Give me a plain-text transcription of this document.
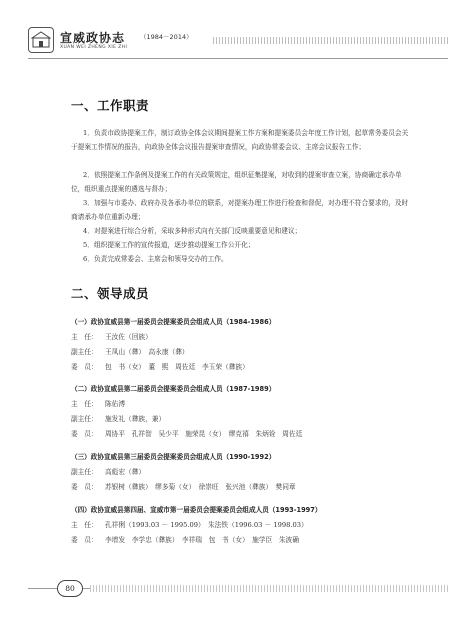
宣威政协志 （1984－2014）
XUAN WEI ZHENG XIE ZHI
一、工作职责
1．负责市政协提案工作，制订政协全体会议期间提案工作方案和提案委员会年度工作计划，起草常务委员会关于提案工作情况的报告，向政协全体会议报告提案审查情况，向政协常委会议、主席会议报告工作；
2．依照提案工作条例及提案工作的有关政策规定，组织征集提案，对收到的提案审查立案，协商确定承办单位，组织重点提案的遴选与督办；
3．加强与市委办、政府办及各承办单位的联系，对提案办理工作进行检查和督促，对办理不符合要求的，及时商请承办单位重新办理；
4．对提案进行综合分析，采取多种形式向有关部门反映重要意见和建议；
5．组织提案工作的宣传报道，逐步推动提案工作公开化；
6．负责完成常委会、主席会和领导交办的工作。
二、领导成员
（一）政协宣威县第一届委员会提案委员会组成人员（1984-1986）
主　任： 王汝佐（回族）
副主任： 王凤山（彝）　高永康（彝）
委　员： 包　书（女）　董　熙　周佐廷　李玉荣（彝族）
（二）政协宣威县第二届委员会提案委员会组成人员（1987-1989）
主　任： 陈佑溥
副主任： 施发礼（彝族，兼）
委　员： 周协平　孔祥智　吴少平　施荣昆（女）　缪克禧　朱炳铨　周佐廷
（三）政协宣威县第三届委员会提案委员会组成人员（1990-1992）
副主任： 高彪宏（彝）
委　员： 苏银树（彝族）　缪多菊（女）　徐崇旺　张兴池（彝族）　樊同章
（四）政协宣威县第四届、宣威市第一届委员会提案委员会组成人员（1993-1997）
主　任： 孔祥俐（1993.03 － 1995.09）　朱法铁（1996.03 － 1998.03）
委　员： 李增发　李学忠（彝族）　李祥瑞　包　书（女）　施学臣　朱波确
80
